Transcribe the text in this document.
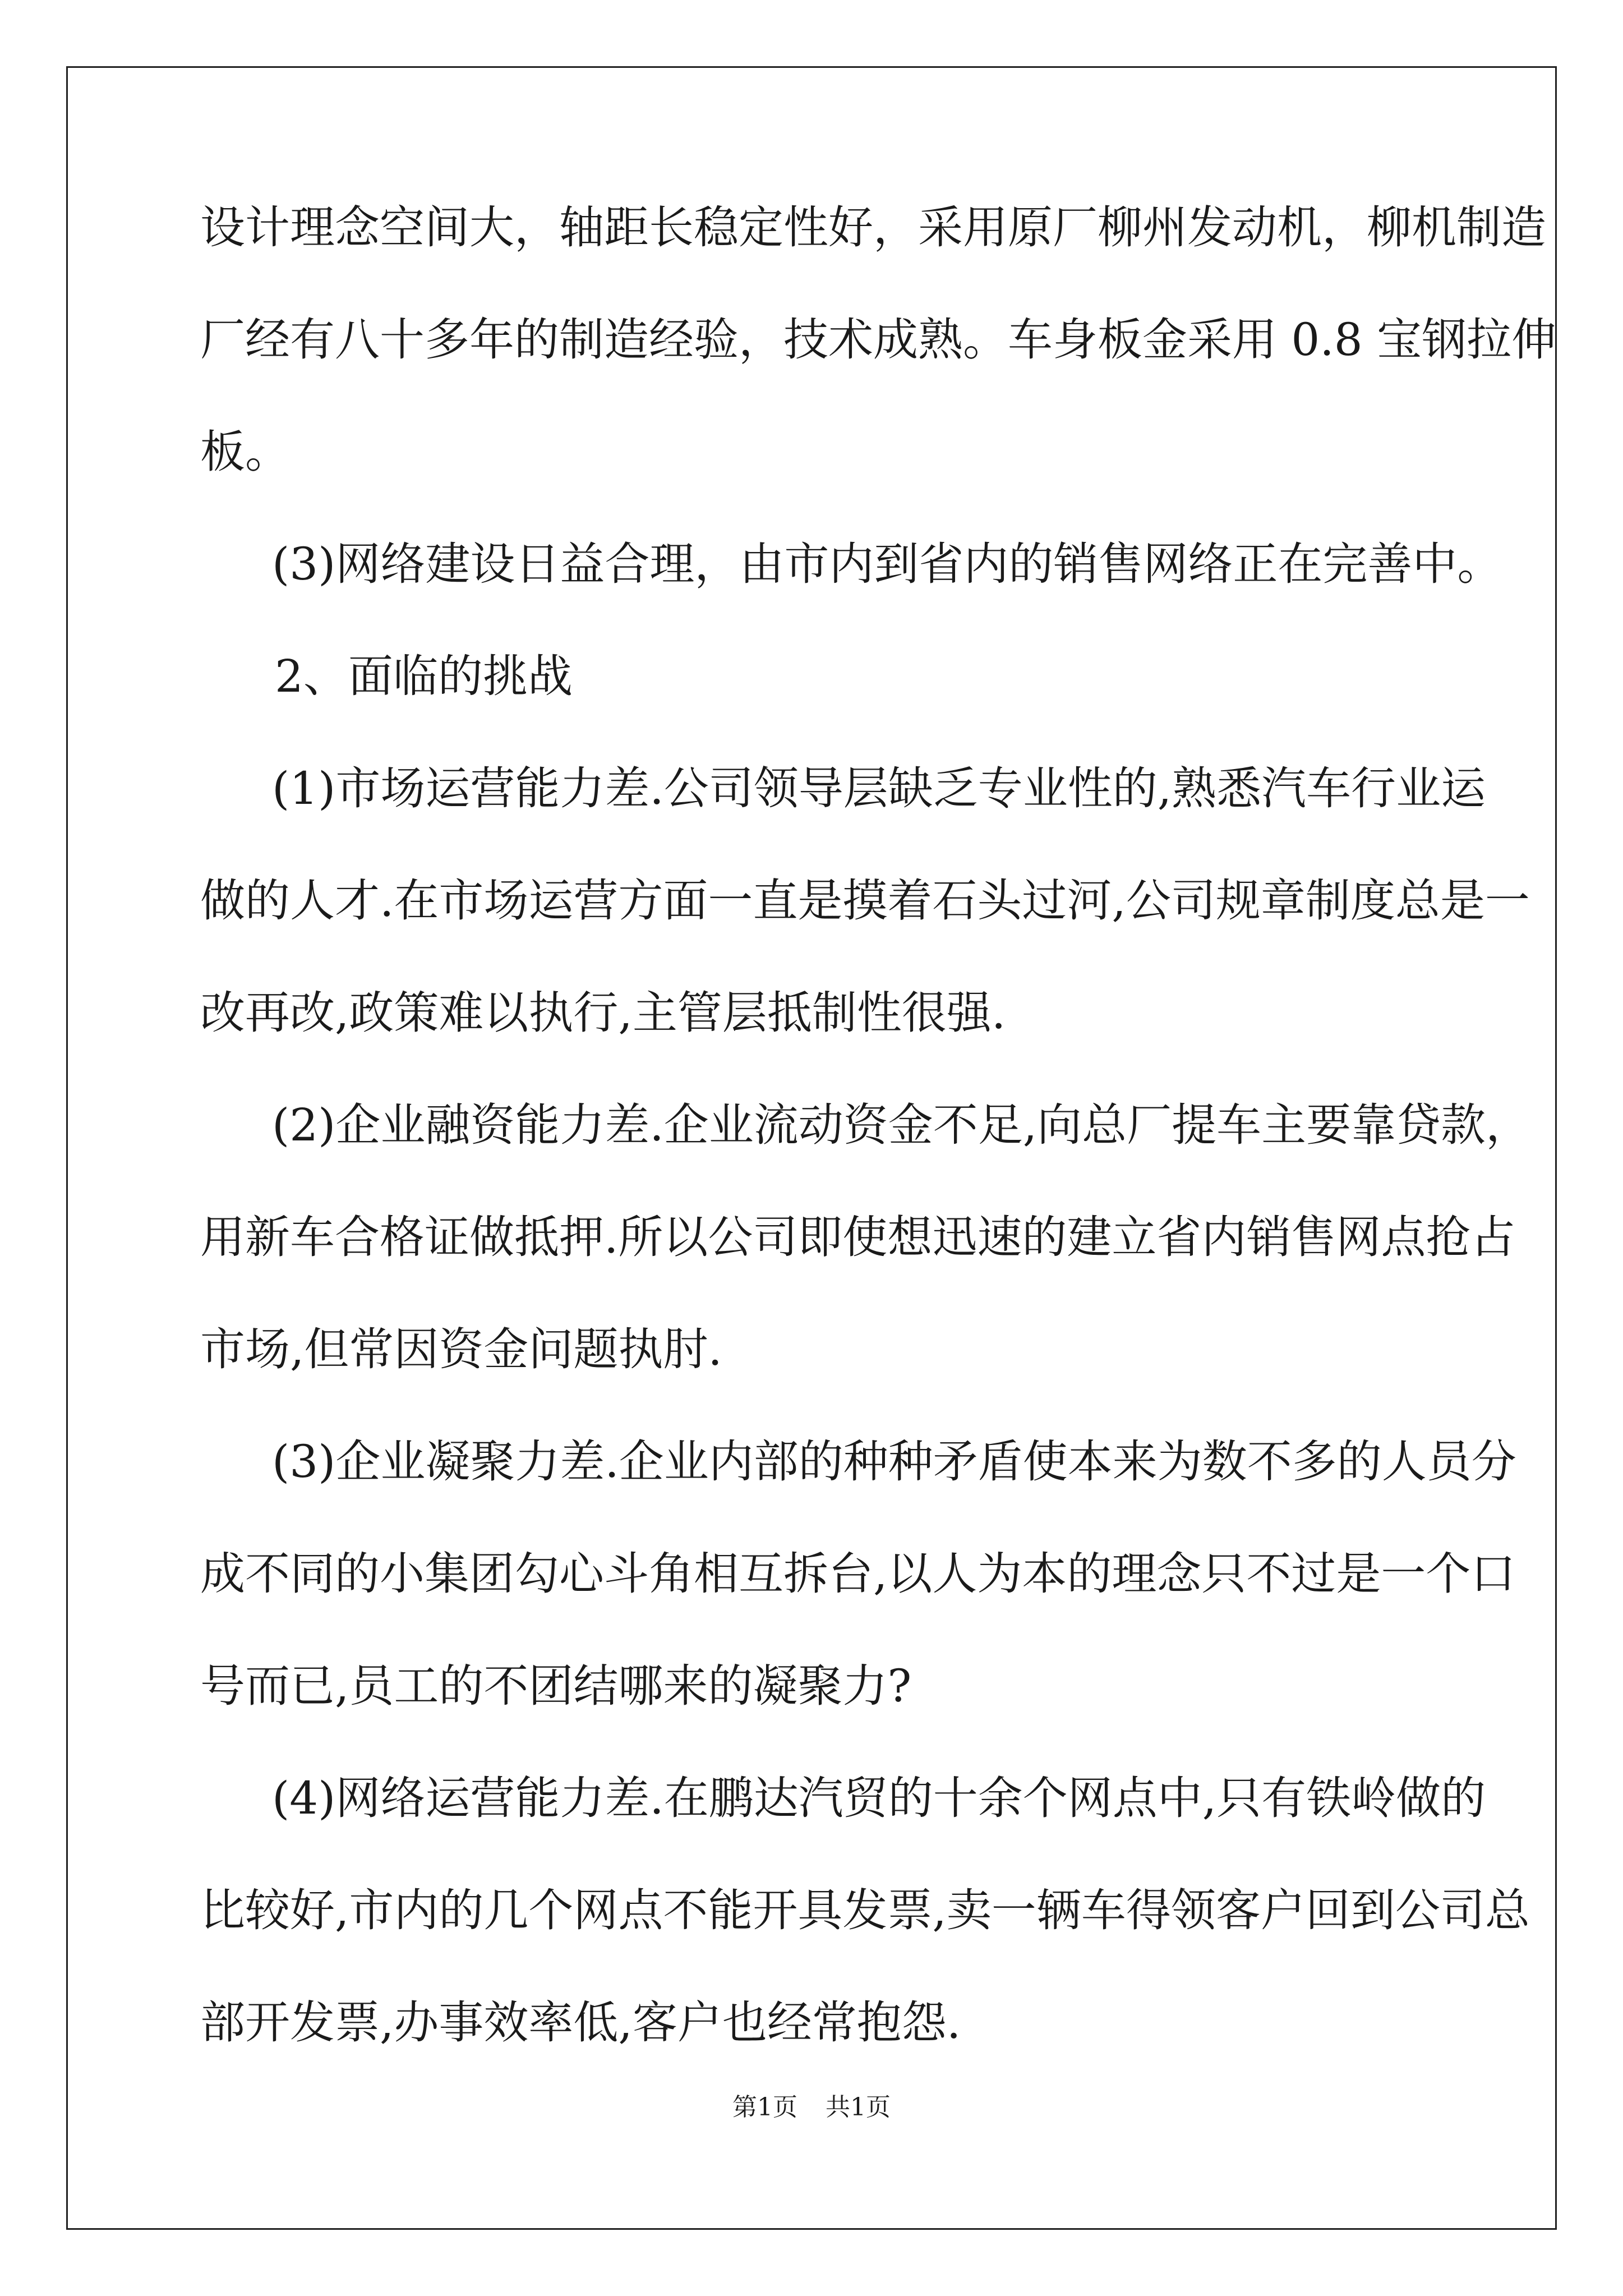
设计理念空间大，轴距长稳定性好，采用原厂柳州发动机，柳机制造
厂经有八十多年的制造经验，技术成熟。车身板金采用 0.8 宝钢拉伸
板。
(3)网络建设日益合理，由市内到省内的销售网络正在完善中。
2、面临的挑战
(1)市场运营能力差.公司领导层缺乏专业性的,熟悉汽车行业运
做的人才.在市场运营方面一直是摸着石头过河,公司规章制度总是一
改再改,政策难以执行,主管层抵制性很强.
(2)企业融资能力差.企业流动资金不足,向总厂提车主要靠贷款，
用新车合格证做抵押.所以公司即使想迅速的建立省内销售网点抢占
市场,但常因资金问题执肘.
(3)企业凝聚力差.企业内部的种种矛盾使本来为数不多的人员分
成不同的小集团勾心斗角相互拆台,以人为本的理念只不过是一个口
号而已,员工的不团结哪来的凝聚力?
(4)网络运营能力差.在鹏达汽贸的十余个网点中,只有铁岭做的
比较好,市内的几个网点不能开具发票,卖一辆车得领客户回到公司总
部开发票,办事效率低,客户也经常抱怨.
第1页 共1页
